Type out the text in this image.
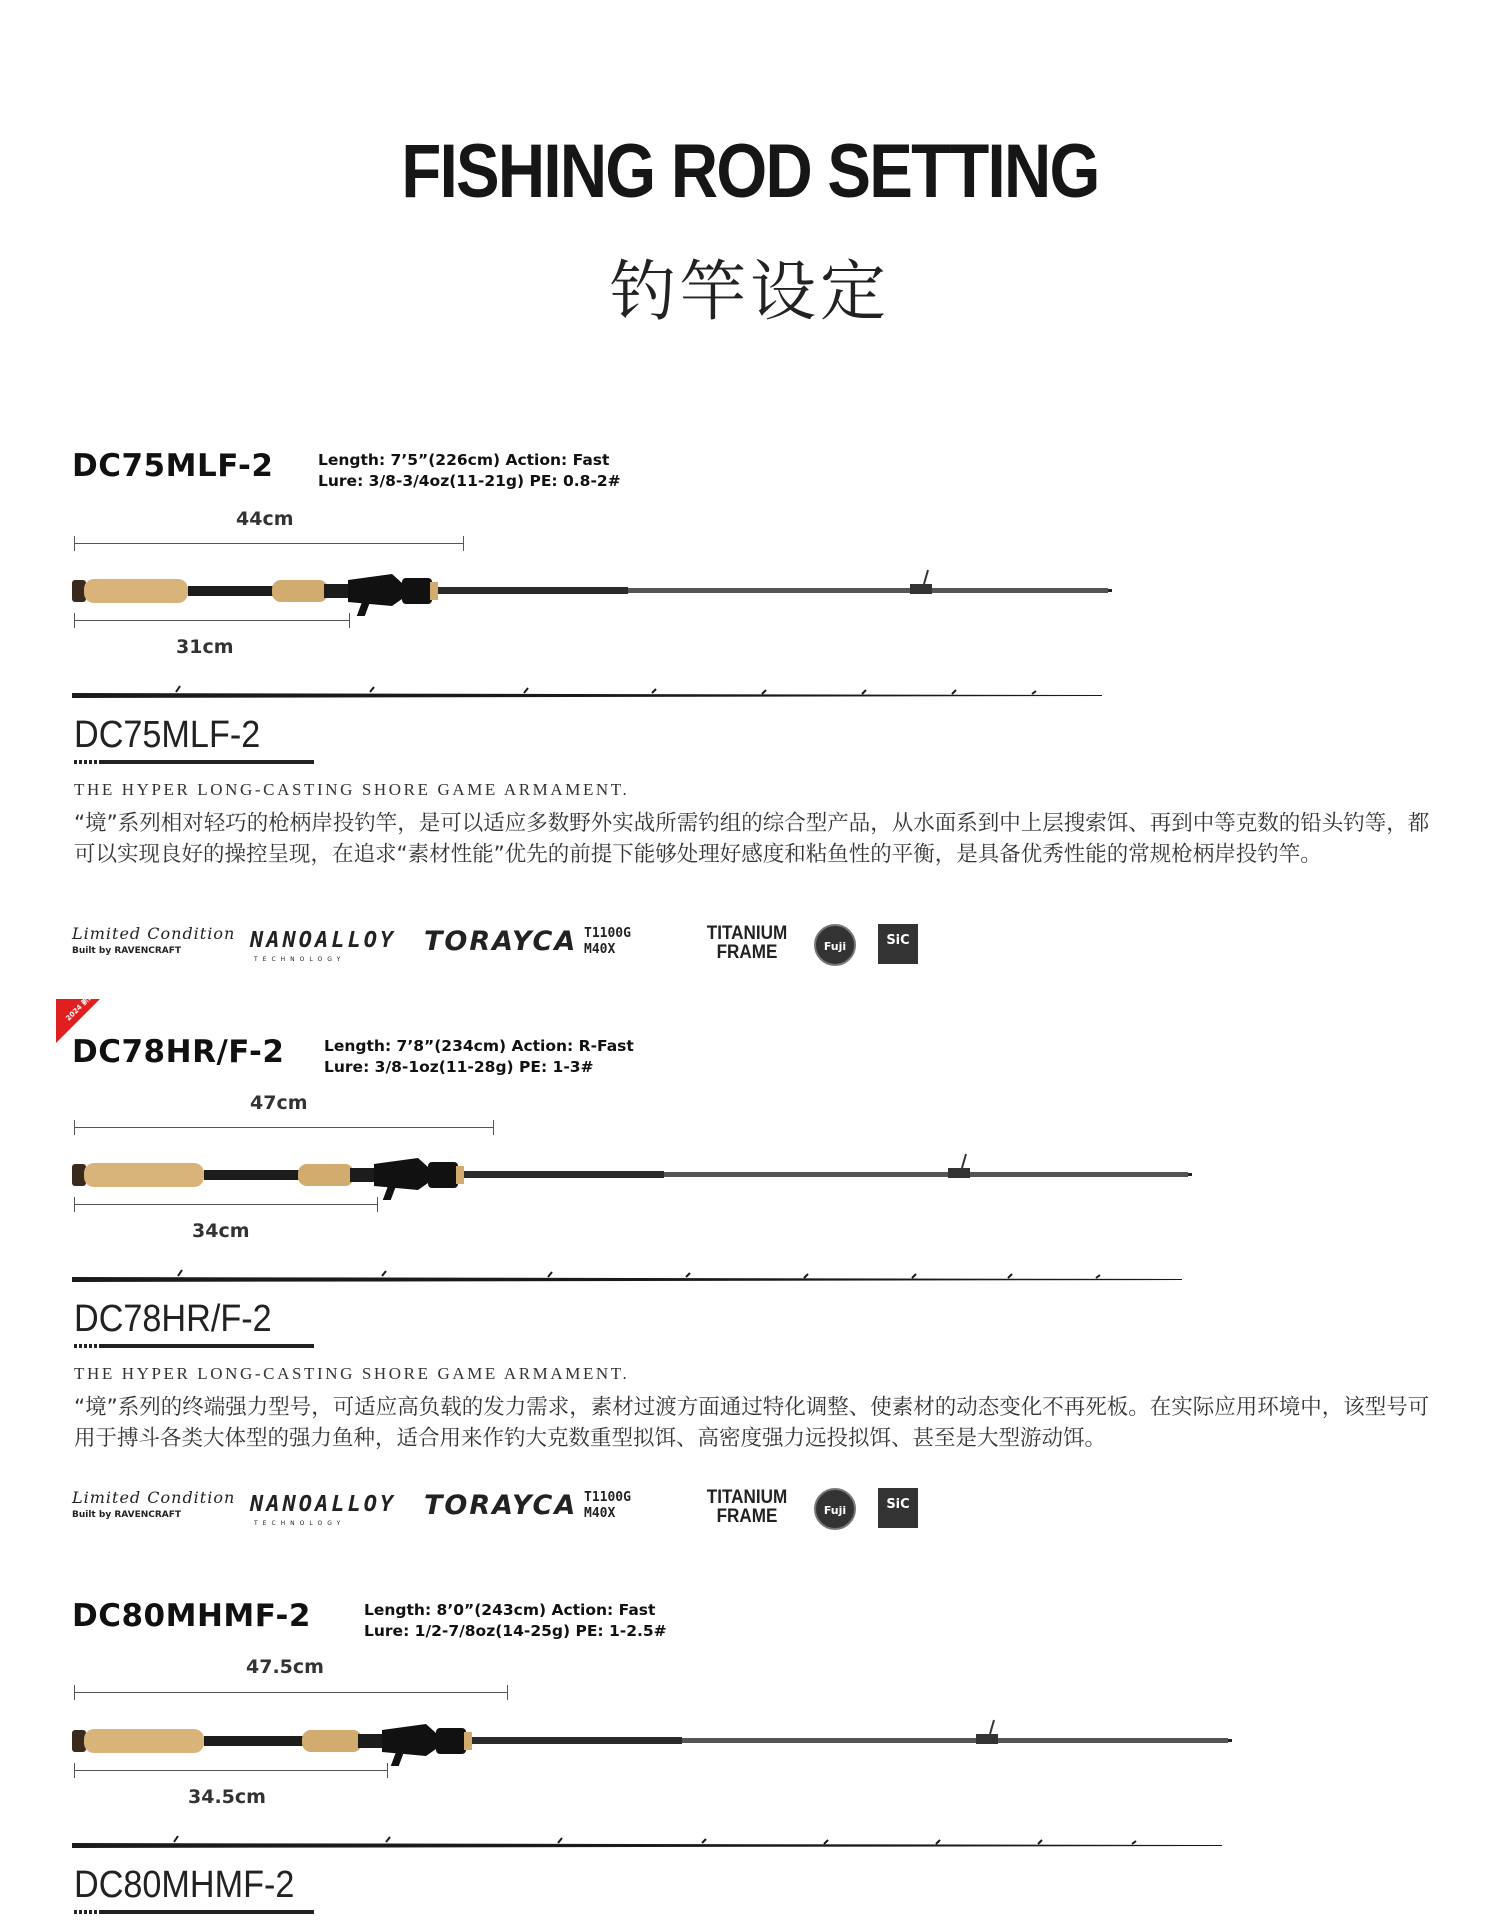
FISHING ROD SETTING
钓竿设定
DC75MLF-2	Length: 7’5”(226cm) Action: Fast
Lure: 3/8-3/4oz(11-21g) PE: 0.8-2#
44cm
31cm
DC75MLF-2
THE HYPER LONG-CASTING SHORE GAME ARMAMENT.
“境”系列相对轻巧的枪柄岸投钓竿，是可以适应多数野外实战所需钓组的综合型产品，从水面系到中上层搜索饵、再到中等克数的铅头钓等，都可以实现良好的操控呈现，在追求“素材性能”优先的前提下能够处理好感度和粘鱼性的平衡，是具备优秀性能的常规枪柄岸投钓竿。
Limited Condition
Built by RAVENCRAFT	NANOALLOY
TECHNOLOGY
TORAYCA T1100G
M40X
TITANIUM FRAME	Fuji	SiC
2024 新品
DC78HR/F-2	Length: 7’8”(234cm) Action: R-Fast
Lure: 3/8-1oz(11-28g) PE: 1-3#
47cm
34cm
DC78HR/F-2
THE HYPER LONG-CASTING SHORE GAME ARMAMENT.
“境”系列的终端强力型号，可适应高负载的发力需求，素材过渡方面通过特化调整、使素材的动态变化不再死板。在实际应用环境中，该型号可用于搏斗各类大体型的强力鱼种，适合用来作钓大克数重型拟饵、高密度强力远投拟饵、甚至是大型游动饵。
Limited Condition
Built by RAVENCRAFT	NANOALLOY
TECHNOLOGY
TORAYCA T1100G
M40X
TITANIUM FRAME	Fuji	SiC
DC80MHMF-2	Length: 8’0”(243cm) Action: Fast
Lure: 1/2-7/8oz(14-25g) PE: 1-2.5#
47.5cm
34.5cm
DC80MHMF-2
